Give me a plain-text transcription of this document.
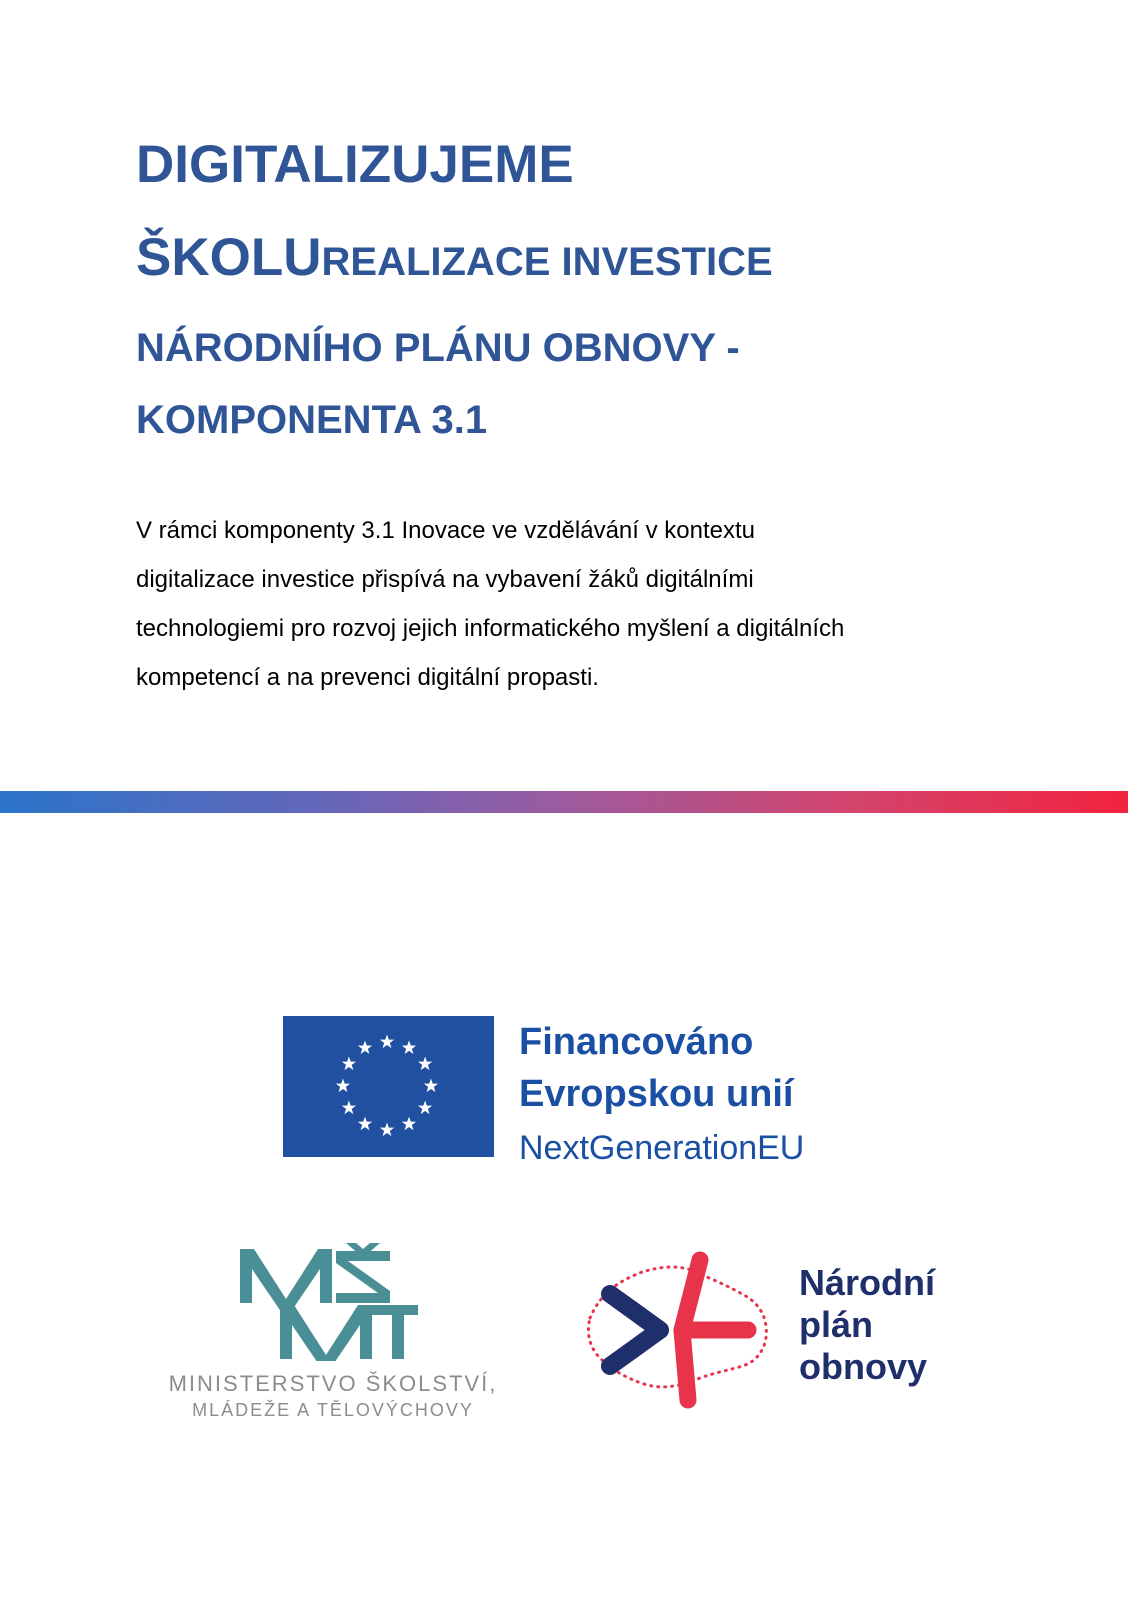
DIGITALIZUJEME
ŠKOLUREALIZACE INVESTICE
NÁRODNÍHO PLÁNU OBNOVY -
KOMPONENTA 3.1

V rámci komponenty 3.1 Inovace ve vzdělávání v kontextu
digitalizace investice přispívá na vybavení žáků digitálními
technologiemi pro rozvoj jejich informatického myšlení a digitálních
kompetencí a na prevenci digitální propasti.

Financováno
Evropskou unií
NextGenerationEU
MINISTERSTVO ŠKOLSTVÍ,
MLÁDEŽE A TĚLOVÝCHOVY
Národní
plán
obnovy
